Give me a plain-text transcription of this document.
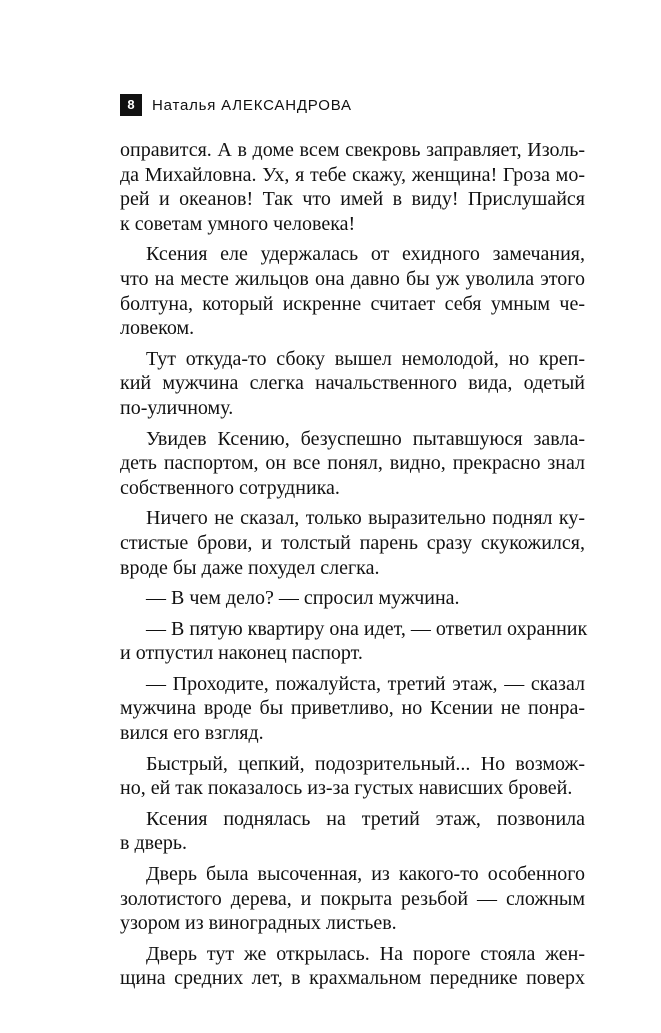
8	Наталья АЛЕКСАНДРОВА
оправится. А в доме всем свекровь заправляет, Изоль-
да Михайловна. Ух, я тебе скажу, женщина! Гроза мо-
рей и океанов! Так что имей в виду! Прислушайся
к советам умного человека!
Ксения еле удержалась от ехидного замечания,
что на месте жильцов она давно бы уж уволила этого
болтуна, который искренне считает себя умным че-
ловеком.
Тут откуда-то сбоку вышел немолодой, но креп-
кий мужчина слегка начальственного вида, одетый
по-уличному.
Увидев Ксению, безуспешно пытавшуюся завла-
деть паспортом, он все понял, видно, прекрасно знал
собственного сотрудника.
Ничего не сказал, только выразительно поднял ку-
стистые брови, и толстый парень сразу скукожился,
вроде бы даже похудел слегка.
— В чем дело? — спросил мужчина.
— В пятую квартиру она идет, — ответил охранник
и отпустил наконец паспорт.
— Проходите, пожалуйста, третий этаж, — сказал
мужчина вроде бы приветливо, но Ксении не понра-
вился его взгляд.
Быстрый, цепкий, подозрительный... Но возмож-
но, ей так показалось из-за густых нависших бровей.
Ксения поднялась на третий этаж, позвонила
в дверь.
Дверь была высоченная, из какого-то особенного
золотистого дерева, и покрыта резьбой — сложным
узором из виноградных листьев.
Дверь тут же открылась. На пороге стояла жен-
щина средних лет, в крахмальном переднике поверх
